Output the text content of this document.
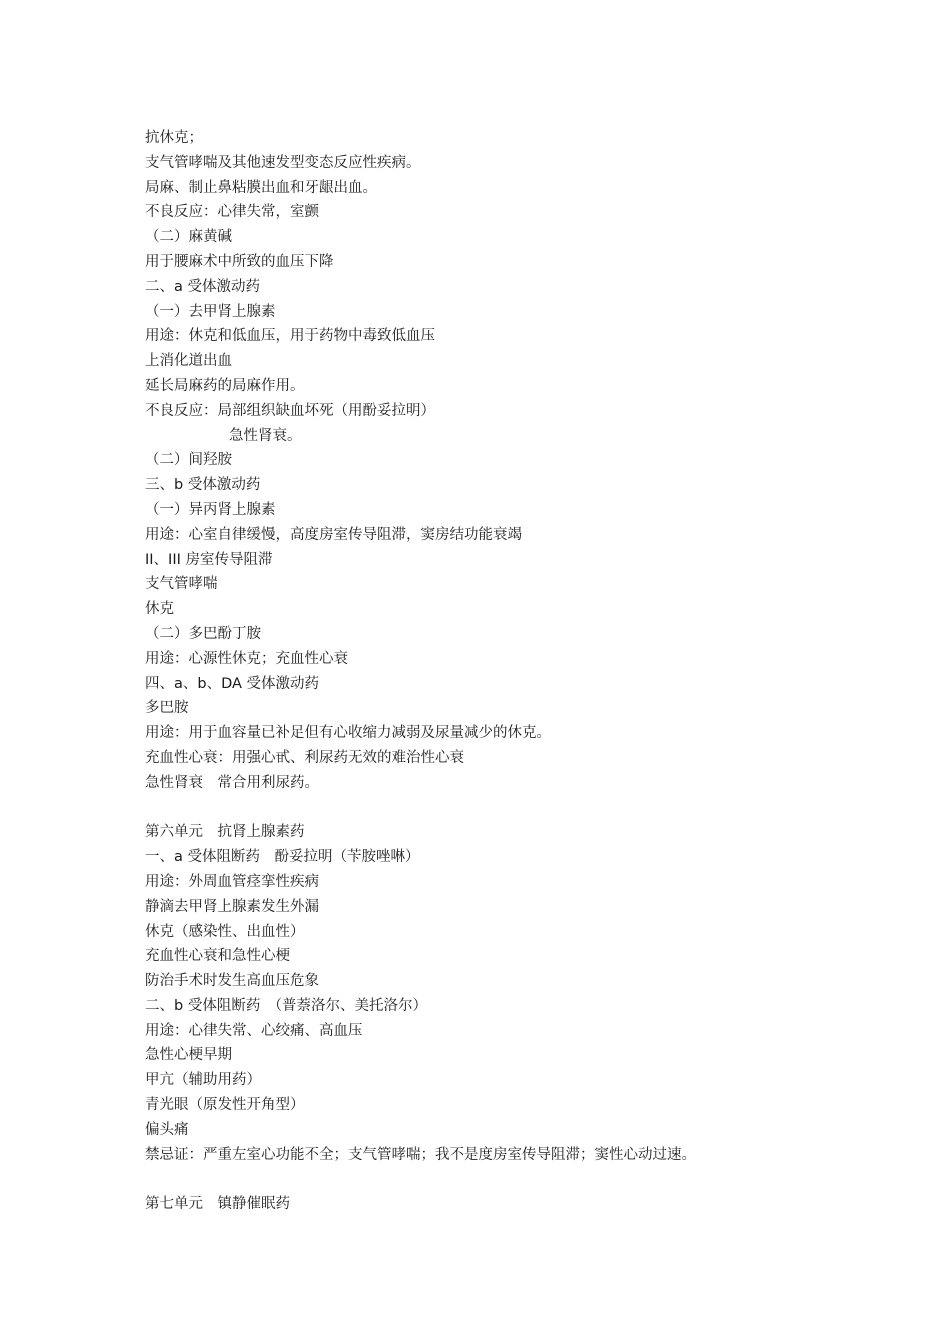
抗休克；
支气管哮喘及其他速发型变态反应性疾病。
局麻、制止鼻粘膜出血和牙龈出血。
不良反应：心律失常，室颤
（二）麻黄碱
用于腰麻术中所致的血压下降
二、a 受体激动药
（一）去甲肾上腺素
用途：休克和低血压，用于药物中毒致低血压
上消化道出血
延长局麻药的局麻作用。
不良反应：局部组织缺血坏死（用酚妥拉明）
急性肾衰。
（二）间羟胺
三、b 受体激动药
（一）异丙肾上腺素
用途：心室自律缓慢，高度房室传导阻滞，窦房结功能衰竭
II、III 房室传导阻滞
支气管哮喘
休克
（二）多巴酚丁胺
用途：心源性休克；充血性心衰
四、a、b、DA 受体激动药
多巴胺
用途：用于血容量已补足但有心收缩力减弱及尿量减少的休克。
充血性心衰：用强心甙、利尿药无效的难治性心衰
急性肾衰　常合用利尿药。
第六单元　抗肾上腺素药
一、a 受体阻断药　酚妥拉明（苄胺唑啉）
用途：外周血管痉挛性疾病
静滴去甲肾上腺素发生外漏
休克（感染性、出血性）
充血性心衰和急性心梗
防治手术时发生高血压危象
二、b 受体阻断药　（普萘洛尔、美托洛尔）
用途：心律失常、心绞痛、高血压
急性心梗早期
甲亢（辅助用药）
青光眼（原发性开角型）
偏头痛
禁忌证：严重左室心功能不全；支气管哮喘；我不是度房室传导阻滞；窦性心动过速。
第七单元　镇静催眠药
